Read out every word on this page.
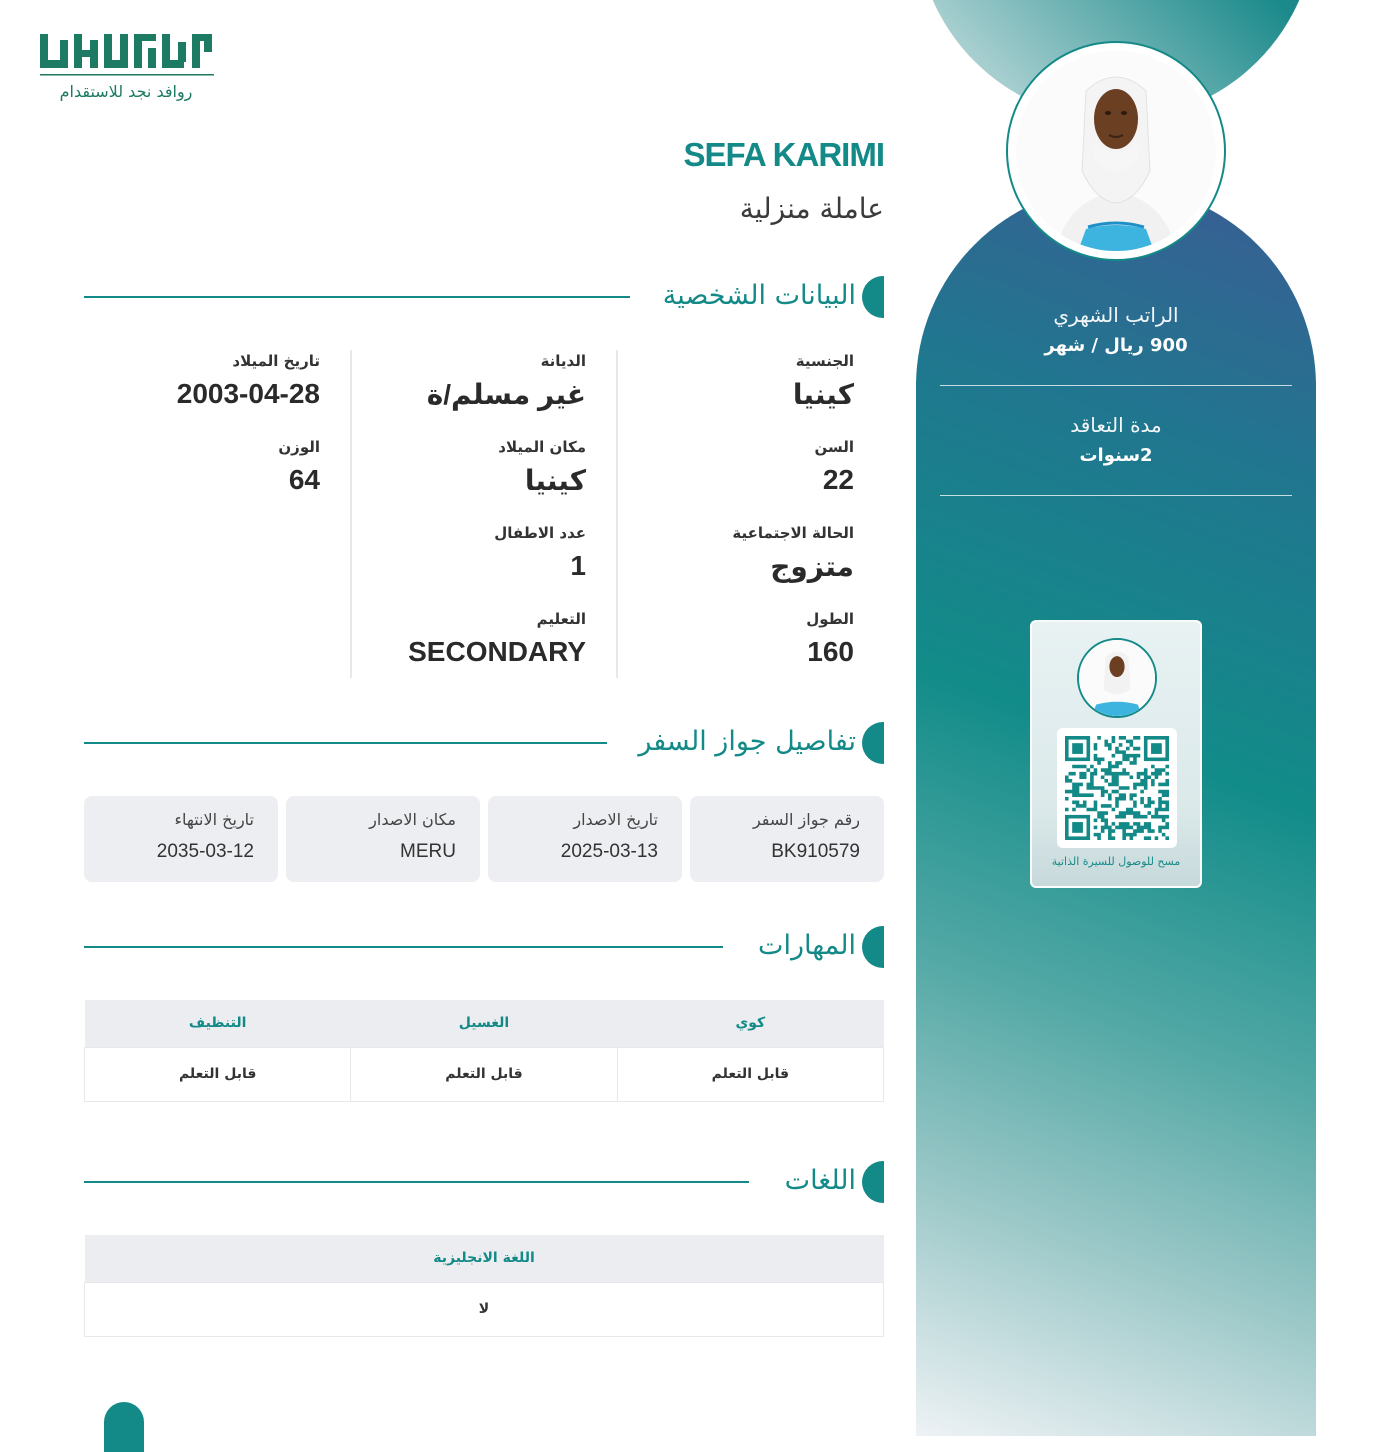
الراتب الشهري
900 ريال / شهر
مدة التعاقد
2سنوات
مسح للوصول للسيرة الذاتية
روافد نجد للاستقدام
SEFA KARIMI
عاملة منزلية
البيانات الشخصية
الجنسية
كينيا
السن
22
الحالة الاجتماعية
متزوج
الطول
160
الديانة
غير مسلم/ة
مكان الميلاد
كينيا
عدد الاطفال
1
التعليم
SECONDARY
تاريخ الميلاد
2003-04-28
الوزن
64
تفاصيل جواز السفر
رقم جواز السفر
BK910579
تاريخ الاصدار
2025-03-13
مكان الاصدار
MERU
تاريخ الانتهاء
2035-03-12
المهارات
كوي	الغسيل	التنظيف
قابل التعلم	قابل التعلم	قابل التعلم
اللغات
اللغة الانجليزية
لا
